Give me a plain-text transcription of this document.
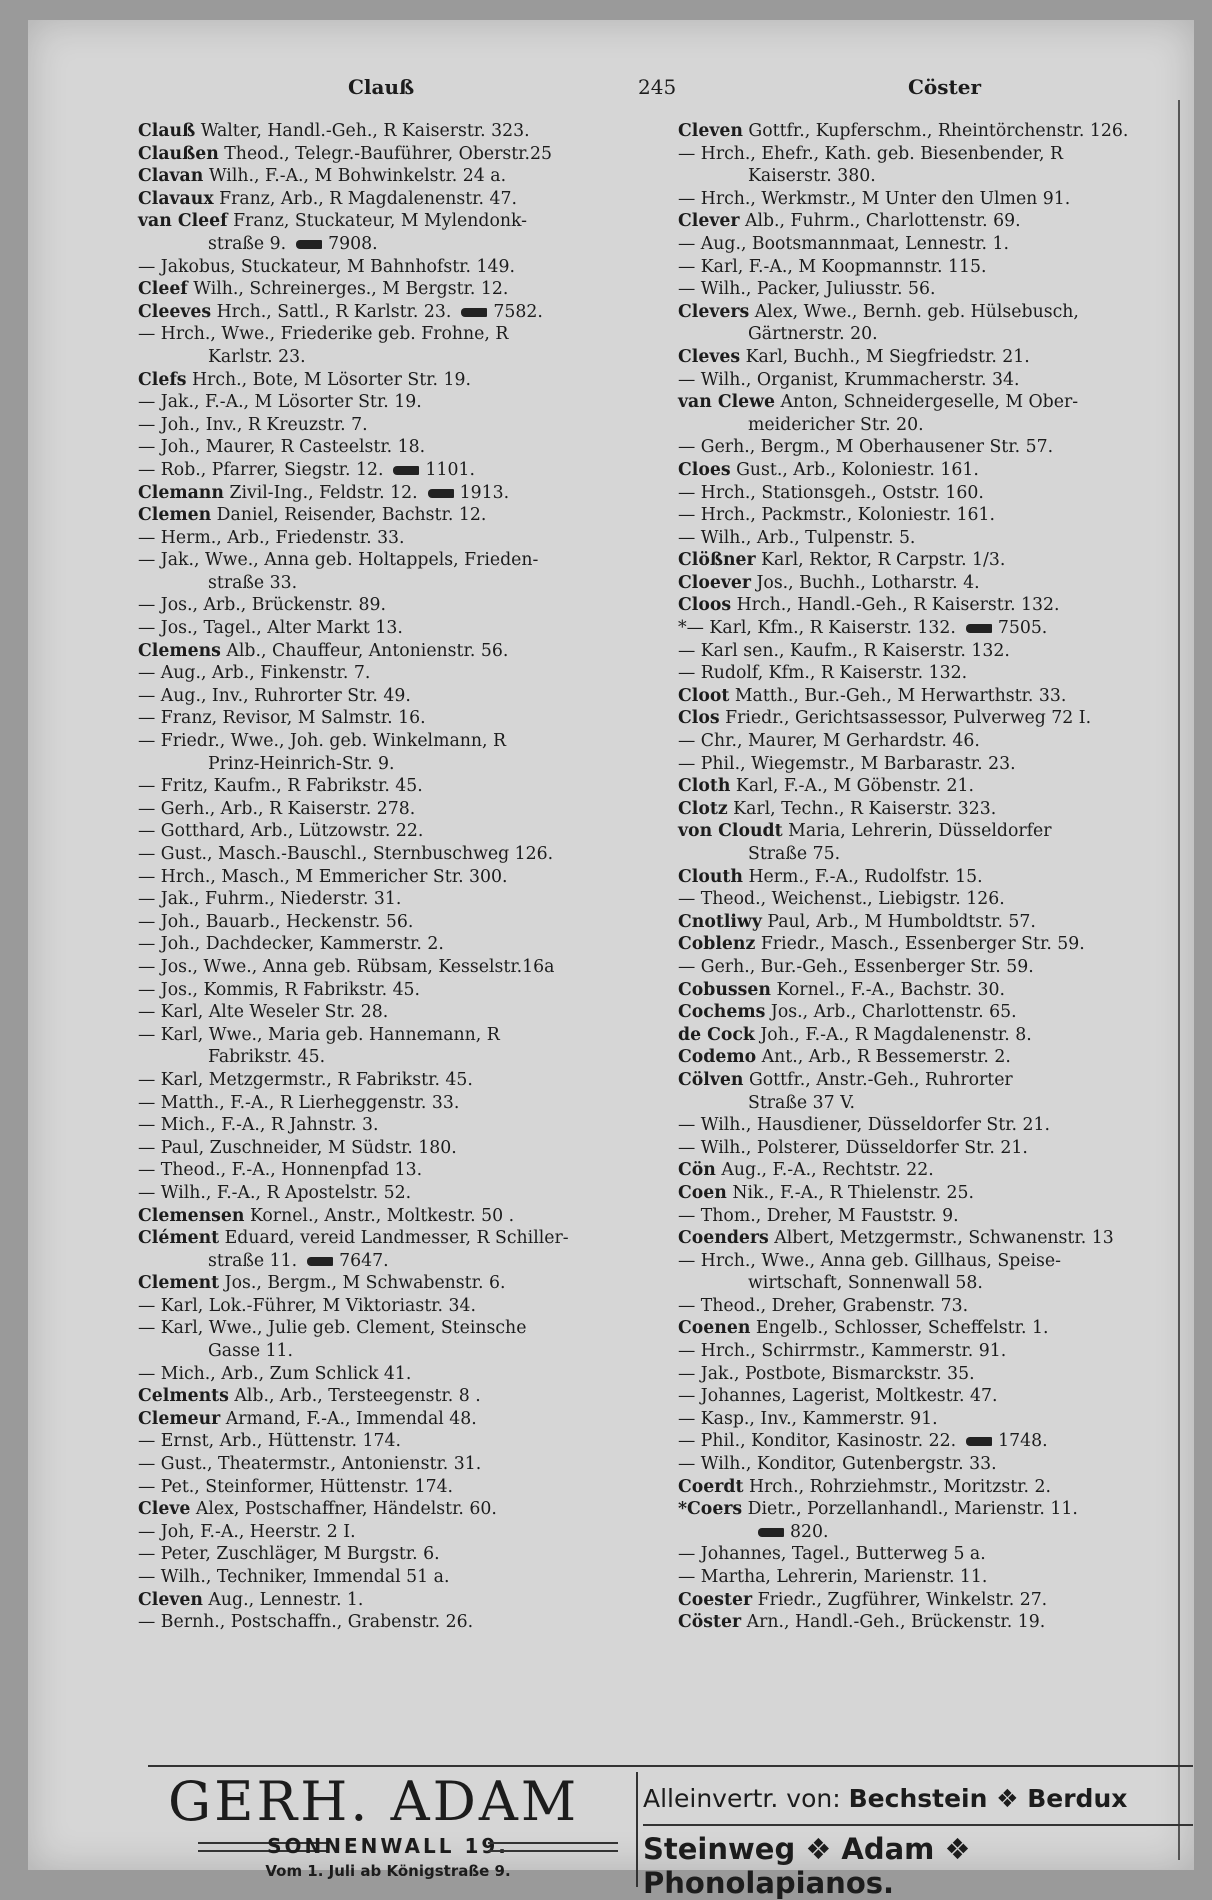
Clauß	245	Cöster
Clauß Walter, Handl.-Geh., R Kaiserstr. 323.
Claußen Theod., Telegr.-Bauführer, Oberstr.25
Clavan Wilh., F.-A., M Bohwinkelstr. 24 a.
Clavaux Franz, Arb., R Magdalenenstr. 47.
van Cleef Franz, Stuckateur, M Mylendonk-
straße 9. 7908.
— Jakobus, Stuckateur, M Bahnhofstr. 149.
Cleef Wilh., Schreinerges., M Bergstr. 12.
Cleeves Hrch., Sattl., R Karlstr. 23. 7582.
— Hrch., Wwe., Friederike geb. Frohne, R
Karlstr. 23.
Clefs Hrch., Bote, M Lösorter Str. 19.
— Jak., F.-A., M Lösorter Str. 19.
— Joh., Inv., R Kreuzstr. 7.
— Joh., Maurer, R Casteelstr. 18.
— Rob., Pfarrer, Siegstr. 12. 1101.
Clemann Zivil-Ing., Feldstr. 12. 1913.
Clemen Daniel, Reisender, Bachstr. 12.
— Herm., Arb., Friedenstr. 33.
— Jak., Wwe., Anna geb. Holtappels, Frieden-
straße 33.
— Jos., Arb., Brückenstr. 89.
— Jos., Tagel., Alter Markt 13.
Clemens Alb., Chauffeur, Antonienstr. 56.
— Aug., Arb., Finkenstr. 7.
— Aug., Inv., Ruhrorter Str. 49.
— Franz, Revisor, M Salmstr. 16.
— Friedr., Wwe., Joh. geb. Winkelmann, R
Prinz-Heinrich-Str. 9.
— Fritz, Kaufm., R Fabrikstr. 45.
— Gerh., Arb., R Kaiserstr. 278.
— Gotthard, Arb., Lützowstr. 22.
— Gust., Masch.-Bauschl., Sternbuschweg 126.
— Hrch., Masch., M Emmericher Str. 300.
— Jak., Fuhrm., Niederstr. 31.
— Joh., Bauarb., Heckenstr. 56.
— Joh., Dachdecker, Kammerstr. 2.
— Jos., Wwe., Anna geb. Rübsam, Kesselstr.16a
— Jos., Kommis, R Fabrikstr. 45.
— Karl, Alte Weseler Str. 28.
— Karl, Wwe., Maria geb. Hannemann, R
Fabrikstr. 45.
— Karl, Metzgermstr., R Fabrikstr. 45.
— Matth., F.-A., R Lierheggenstr. 33.
— Mich., F.-A., R Jahnstr. 3.
— Paul, Zuschneider, M Südstr. 180.
— Theod., F.-A., Honnenpfad 13.
— Wilh., F.-A., R Apostelstr. 52.
Clemensen Kornel., Anstr., Moltkestr. 50 .
Clément Eduard, vereid Landmesser, R Schiller-
straße 11. 7647.
Clement Jos., Bergm., M Schwabenstr. 6.
— Karl, Lok.-Führer, M Viktoriastr. 34.
— Karl, Wwe., Julie geb. Clement, Steinsche
Gasse 11.
— Mich., Arb., Zum Schlick 41.
Celments Alb., Arb., Tersteegenstr. 8 .
Clemeur Armand, F.-A., Immendal 48.
— Ernst, Arb., Hüttenstr. 174.
— Gust., Theatermstr., Antonienstr. 31.
— Pet., Steinformer, Hüttenstr. 174.
Cleve Alex, Postschaffner, Händelstr. 60.
— Joh, F.-A., Heerstr. 2 I.
— Peter, Zuschläger, M Burgstr. 6.
— Wilh., Techniker, Immendal 51 a.
Cleven Aug., Lennestr. 1.
— Bernh., Postschaffn., Grabenstr. 26.
Cleven Gottfr., Kupferschm., Rheintörchenstr. 126.
— Hrch., Ehefr., Kath. geb. Biesenbender, R
Kaiserstr. 380.
— Hrch., Werkmstr., M Unter den Ulmen 91.
Clever Alb., Fuhrm., Charlottenstr. 69.
— Aug., Bootsmannmaat, Lennestr. 1.
— Karl, F.-A., M Koopmannstr. 115.
— Wilh., Packer, Juliusstr. 56.
Clevers Alex, Wwe., Bernh. geb. Hülsebusch,
Gärtnerstr. 20.
Cleves Karl, Buchh., M Siegfriedstr. 21.
— Wilh., Organist, Krummacherstr. 34.
van Clewe Anton, Schneidergeselle, M Ober-
meidericher Str. 20.
— Gerh., Bergm., M Oberhausener Str. 57.
Cloes Gust., Arb., Koloniestr. 161.
— Hrch., Stationsgeh., Oststr. 160.
— Hrch., Packmstr., Koloniestr. 161.
— Wilh., Arb., Tulpenstr. 5.
Clößner Karl, Rektor, R Carpstr. 1/3.
Cloever Jos., Buchh., Lotharstr. 4.
Cloos Hrch., Handl.-Geh., R Kaiserstr. 132.
*— Karl, Kfm., R Kaiserstr. 132. 7505.
— Karl sen., Kaufm., R Kaiserstr. 132.
— Rudolf, Kfm., R Kaiserstr. 132.
Cloot Matth., Bur.-Geh., M Herwarthstr. 33.
Clos Friedr., Gerichtsassessor, Pulverweg 72 I.
— Chr., Maurer, M Gerhardstr. 46.
— Phil., Wiegemstr., M Barbarastr. 23.
Cloth Karl, F.-A., M Göbenstr. 21.
Clotz Karl, Techn., R Kaiserstr. 323.
von Cloudt Maria, Lehrerin, Düsseldorfer
Straße 75.
Clouth Herm., F.-A., Rudolfstr. 15.
— Theod., Weichenst., Liebigstr. 126.
Cnotliwy Paul, Arb., M Humboldtstr. 57.
Coblenz Friedr., Masch., Essenberger Str. 59.
— Gerh., Bur.-Geh., Essenberger Str. 59.
Cobussen Kornel., F.-A., Bachstr. 30.
Cochems Jos., Arb., Charlottenstr. 65.
de Cock Joh., F.-A., R Magdalenenstr. 8.
Codemo Ant., Arb., R Bessemerstr. 2.
Cölven Gottfr., Anstr.-Geh., Ruhrorter
Straße 37 V.
— Wilh., Hausdiener, Düsseldorfer Str. 21.
— Wilh., Polsterer, Düsseldorfer Str. 21.
Cön Aug., F.-A., Rechtstr. 22.
Coen Nik., F.-A., R Thielenstr. 25.
— Thom., Dreher, M Fauststr. 9.
Coenders Albert, Metzgermstr., Schwanenstr. 13
— Hrch., Wwe., Anna geb. Gillhaus, Speise-
wirtschaft, Sonnenwall 58.
— Theod., Dreher, Grabenstr. 73.
Coenen Engelb., Schlosser, Scheffelstr. 1.
— Hrch., Schirrmstr., Kammerstr. 91.
— Jak., Postbote, Bismarckstr. 35.
— Johannes, Lagerist, Moltkestr. 47.
— Kasp., Inv., Kammerstr. 91.
— Phil., Konditor, Kasinostr. 22. 1748.
— Wilh., Konditor, Gutenbergstr. 33.
Coerdt Hrch., Rohrziehmstr., Moritzstr. 2.
*Coers Dietr., Porzellanhandl., Marienstr. 11.
820.
— Johannes, Tagel., Butterweg 5 a.
— Martha, Lehrerin, Marienstr. 11.
Coester Friedr., Zugführer, Winkelstr. 27.
Cöster Arn., Handl.-Geh., Brückenstr. 19.
GERH. ADAM
SONNENWALL 19.
Vom 1. Juli ab Königstraße 9.
Alleinvertr. von: Bechstein ❖ Berdux
Steinweg ❖ Adam ❖ Phonolapianos.
